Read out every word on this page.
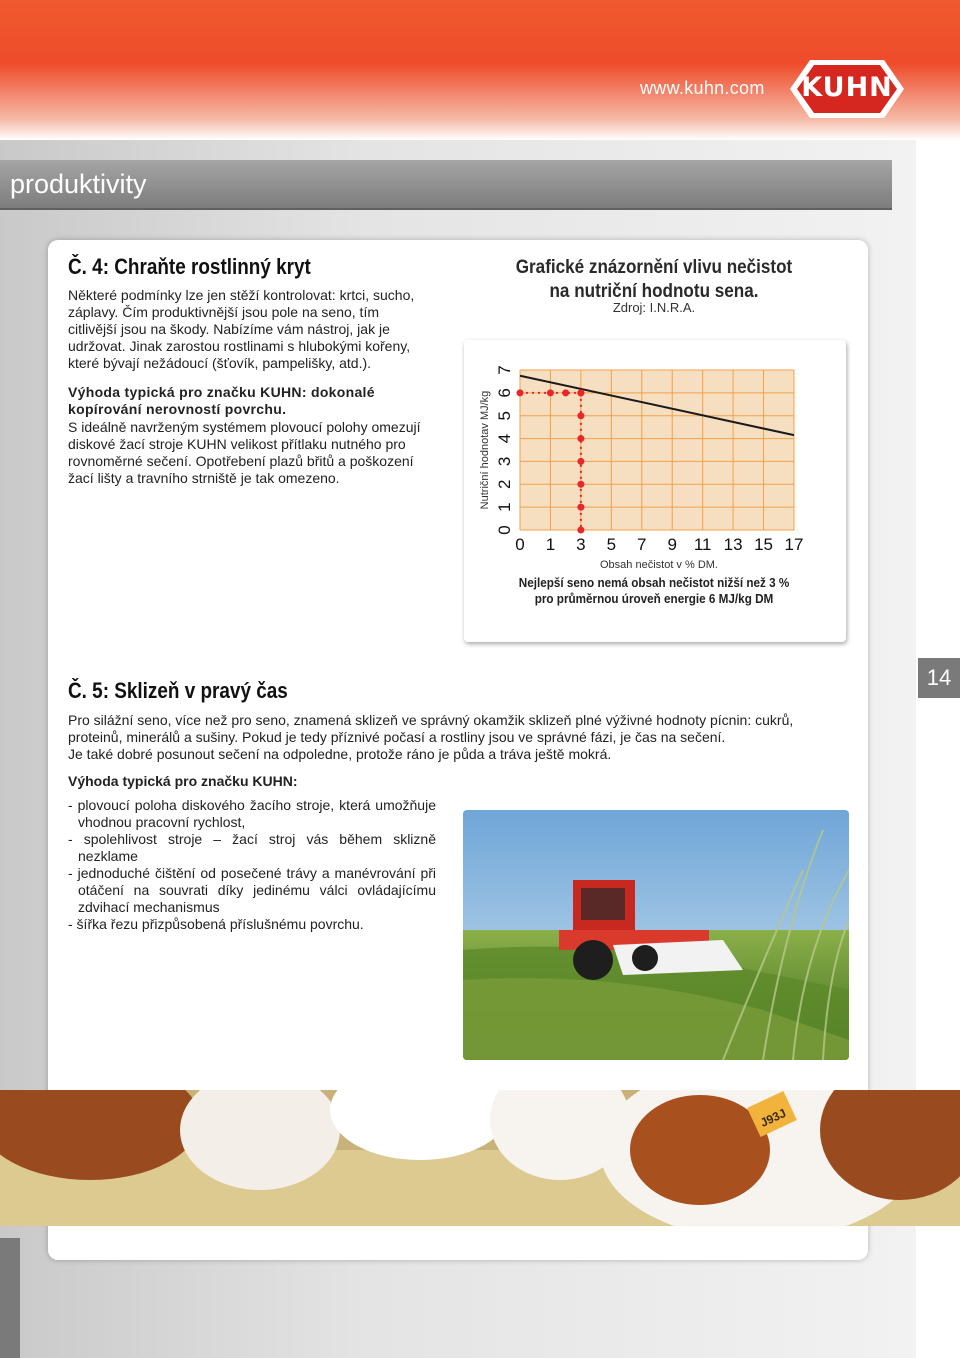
www.kuhn.com	KUHN
produktivity
Č. 4: Chraňte rostlinný kryt
Některé podmínky lze jen stěží kontrolovat: krtci, sucho,
záplavy. Čím produktivnější jsou pole na seno, tím
citlivější jsou na škody. Nabízíme vám nástroj, jak je
udržovat. Jinak zarostou rostlinami s hlubokými kořeny,
které bývají nežádoucí (šťovík, pampelišky, atd.).
Výhoda typická pro značku KUHN: dokonalé
kopírování nerovností povrchu.
S ideálně navrženým systémem plovoucí polohy omezují
diskové žací stroje KUHN velikost přítlaku nutného pro
rovnoměrné sečení. Opotřebení plazů břitů a poškození
žací lišty a travního strniště je tak omezeno.
Grafické znázornění vlivu nečistot
na nutriční hodnotu sena.
Zdroj: I.N.R.A.
0 1 3 5 7 9 11 13 15 17
0
1
2
3
4
5
6
7
Nutriční hodnotav MJ/kg
Obsah nečistot v % DM.
Nejlepší seno nemá obsah nečistot nižší než 3 %
pro průměrnou úroveň energie 6 MJ/kg DM
14
Č. 5: Sklizeň v pravý čas
Pro silážní seno, více než pro seno, znamená sklizeň ve správný okamžik sklizeň plné výživné hodnoty pícnin: cukrů,
proteinů, minerálů a sušiny. Pokud je tedy příznivé počasí a rostliny jsou ve správné fázi, je čas na sečení.
Je také dobré posunout sečení na odpoledne, protože ráno je půda a tráva ještě mokrá.
Výhoda typická pro značku KUHN:
- plovoucí poloha diskového žacího stroje, která umožňuje vhodnou pracovní rychlost,
- spolehlivost stroje – žací stroj vás během sklizně nezklame
- jednoduché čištění od posečené trávy a manévrování při otáčení na souvrati díky jedinému válci ovládajícímu zdvihací mechanismus
- šířka řezu přizpůsobená příslušnému povrchu.
J93J
